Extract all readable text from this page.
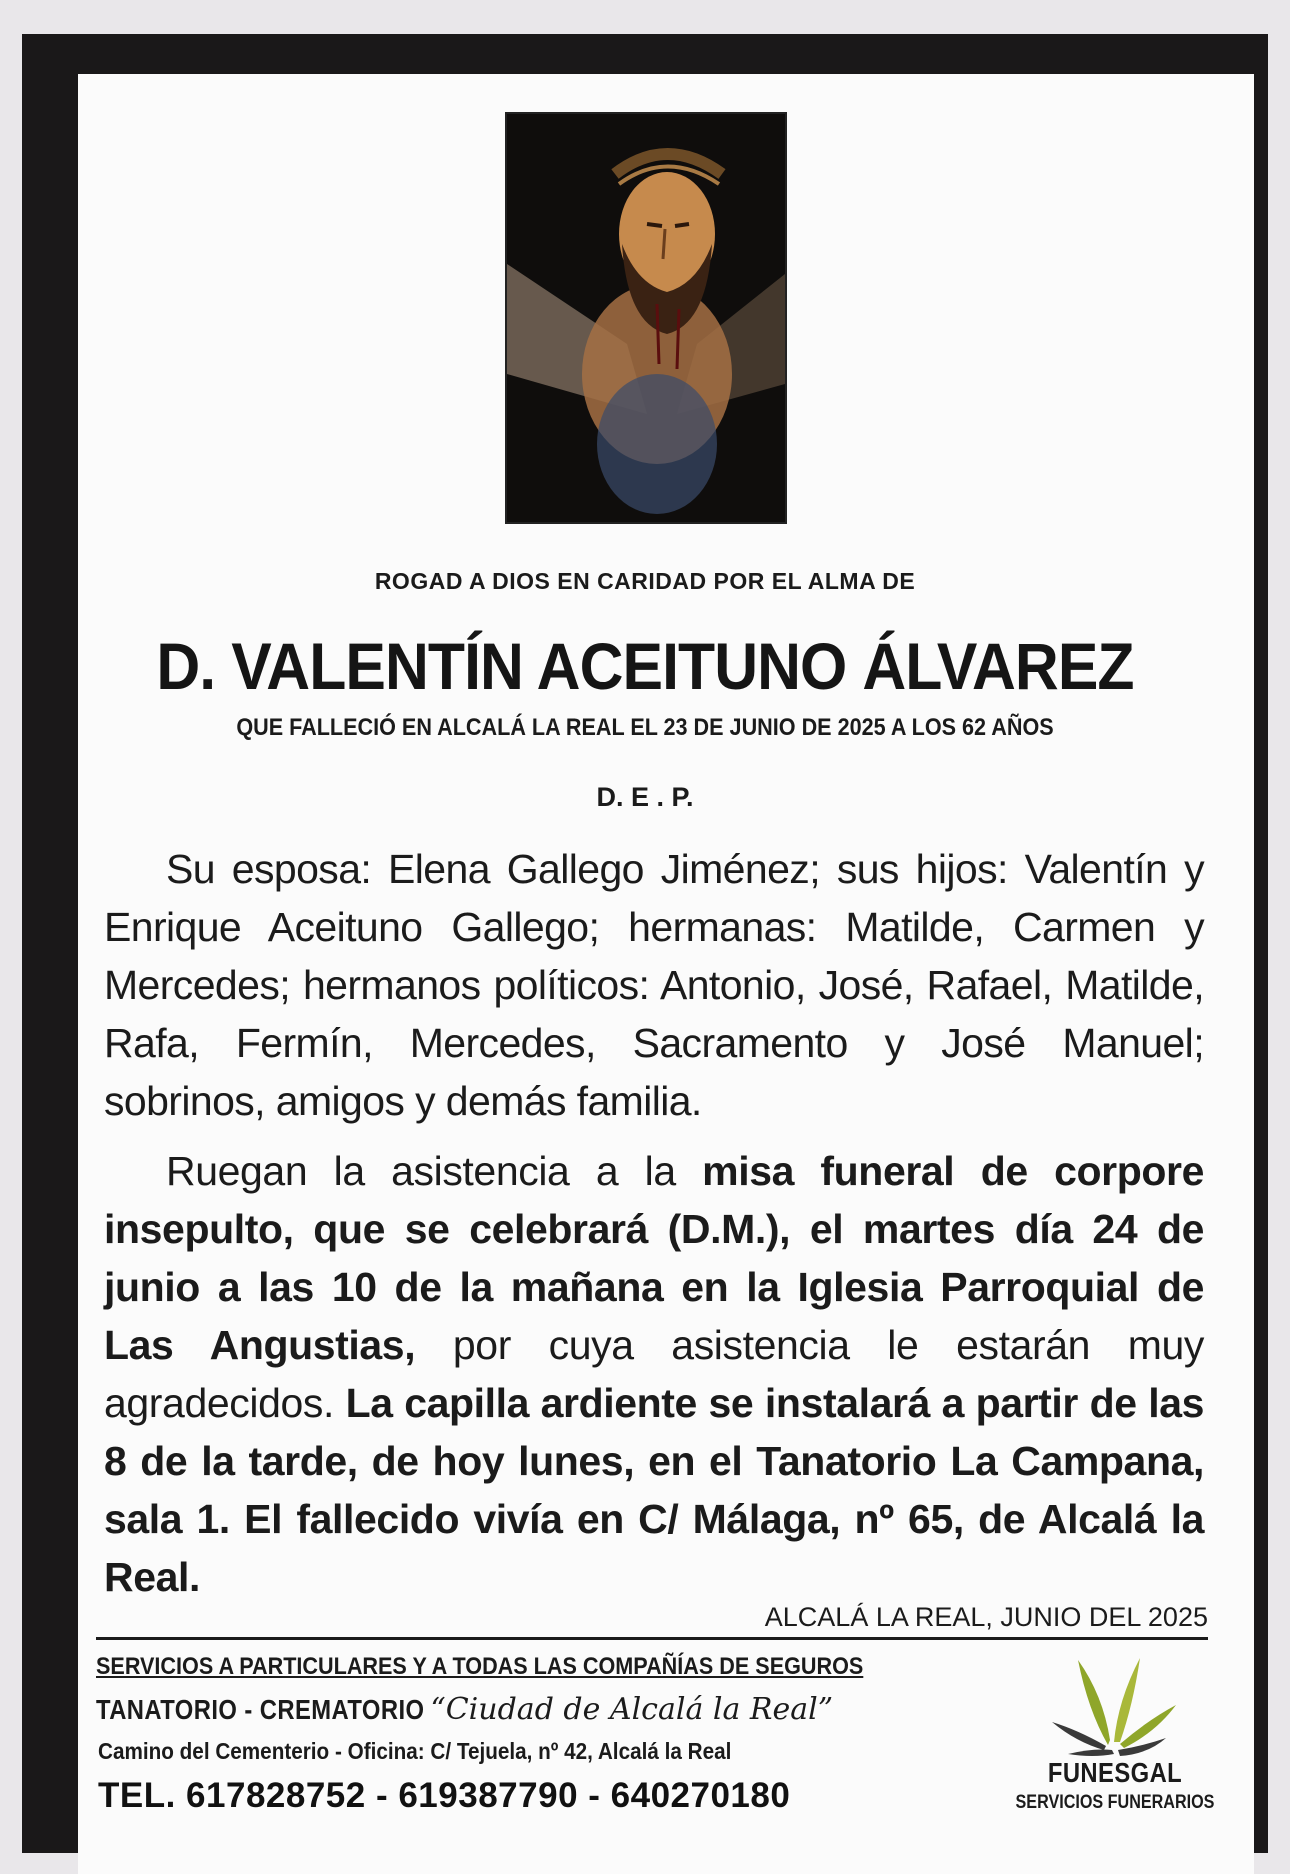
ROGAD A DIOS EN CARIDAD POR EL ALMA DE
D. VALENTÍN ACEITUNO ÁLVAREZ
QUE FALLECIÓ EN ALCALÁ LA REAL EL 23 DE JUNIO DE 2025 A LOS 62 AÑOS
D. E . P.
Su esposa: Elena Gallego Jiménez; sus hijos: Valentín y Enrique Aceituno Gallego; hermanas: Matilde, Carmen y Mercedes; hermanos políticos: Antonio, José, Rafael, Matilde, Rafa, Fermín, Mercedes, Sacramento y José Manuel; sobrinos, amigos y demás familia.
Ruegan la asistencia a la misa funeral de corpore insepulto, que se celebrará (D.M.), el martes día 24 de junio a las 10 de la mañana en la Iglesia Parroquial de Las Angustias, por cuya asistencia le estarán muy agradecidos. La capilla ardiente se instalará a partir de las 8 de la tarde, de hoy lunes, en el Tanatorio La Campana, sala 1. El fallecido vivía en C/ Málaga, nº 65, de Alcalá la Real.
ALCALÁ LA REAL, JUNIO DEL 2025
SERVICIOS A PARTICULARES Y A TODAS LAS COMPAÑÍAS DE SEGUROS
TANATORIO - CREMATORIO “Ciudad de Alcalá la Real”
Camino del Cementerio - Oficina: C/ Tejuela, nº 42, Alcalá la Real
TEL. 617828752 - 619387790 - 640270180
FUNESGAL
SERVICIOS FUNERARIOS
